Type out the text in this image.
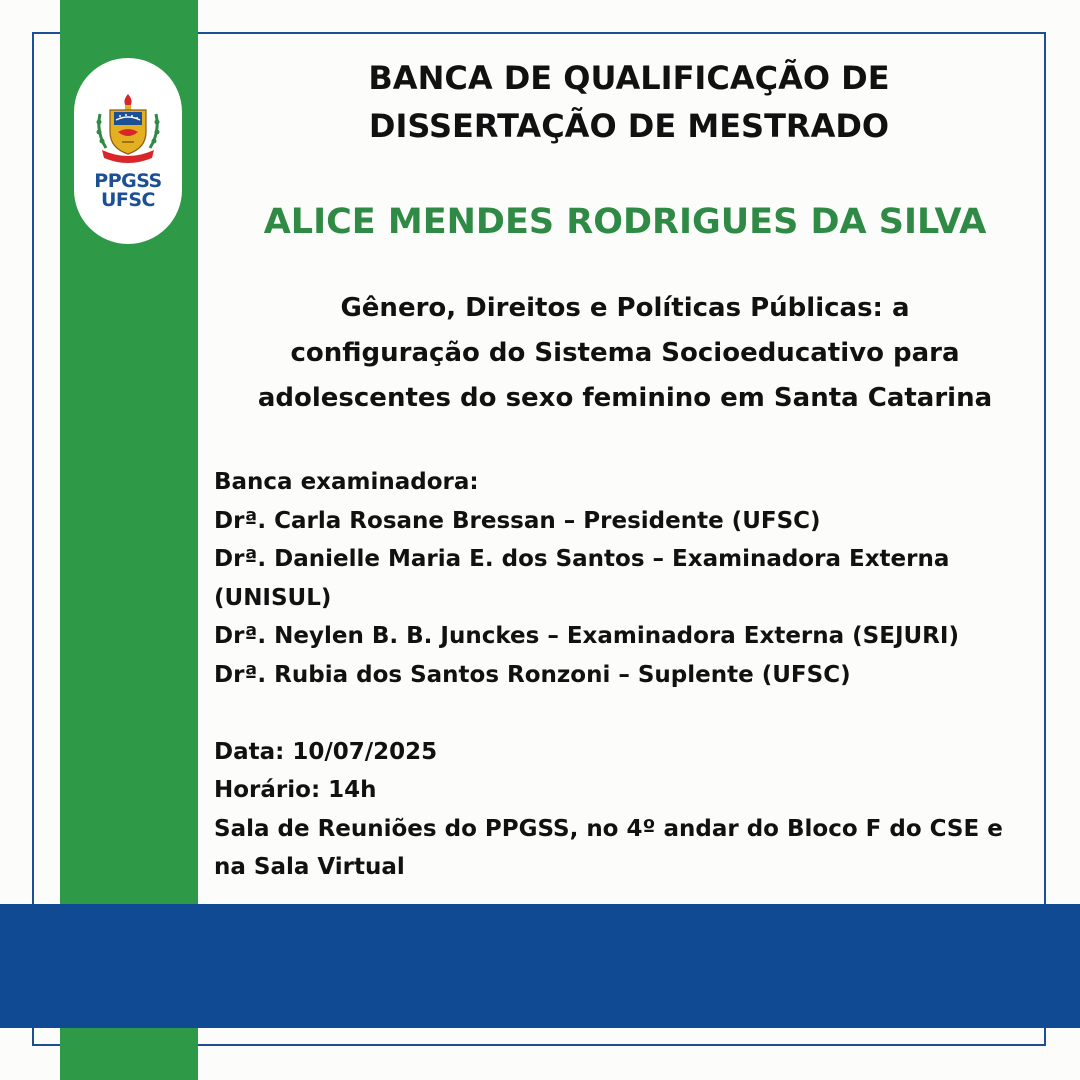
PPGSS
UFSC
BANCA DE QUALIFICAÇÃO DE
DISSERTAÇÃO DE MESTRADO
ALICE MENDES RODRIGUES DA SILVA
Gênero, Direitos e Políticas Públicas: a
configuração do Sistema Socioeducativo para
adolescentes do sexo feminino em Santa Catarina
Banca examinadora:
Drª. Carla Rosane Bressan – Presidente (UFSC)
Drª. Danielle Maria E. dos Santos – Examinadora Externa (UNISUL)
Drª. Neylen B. B. Junckes – Examinadora Externa (SEJURI)
Drª. Rubia dos Santos Ronzoni – Suplente (UFSC)
Data: 10/07/2025
Horário: 14h
Sala de Reuniões do PPGSS, no 4º andar do Bloco F do CSE e na Sala Virtual
